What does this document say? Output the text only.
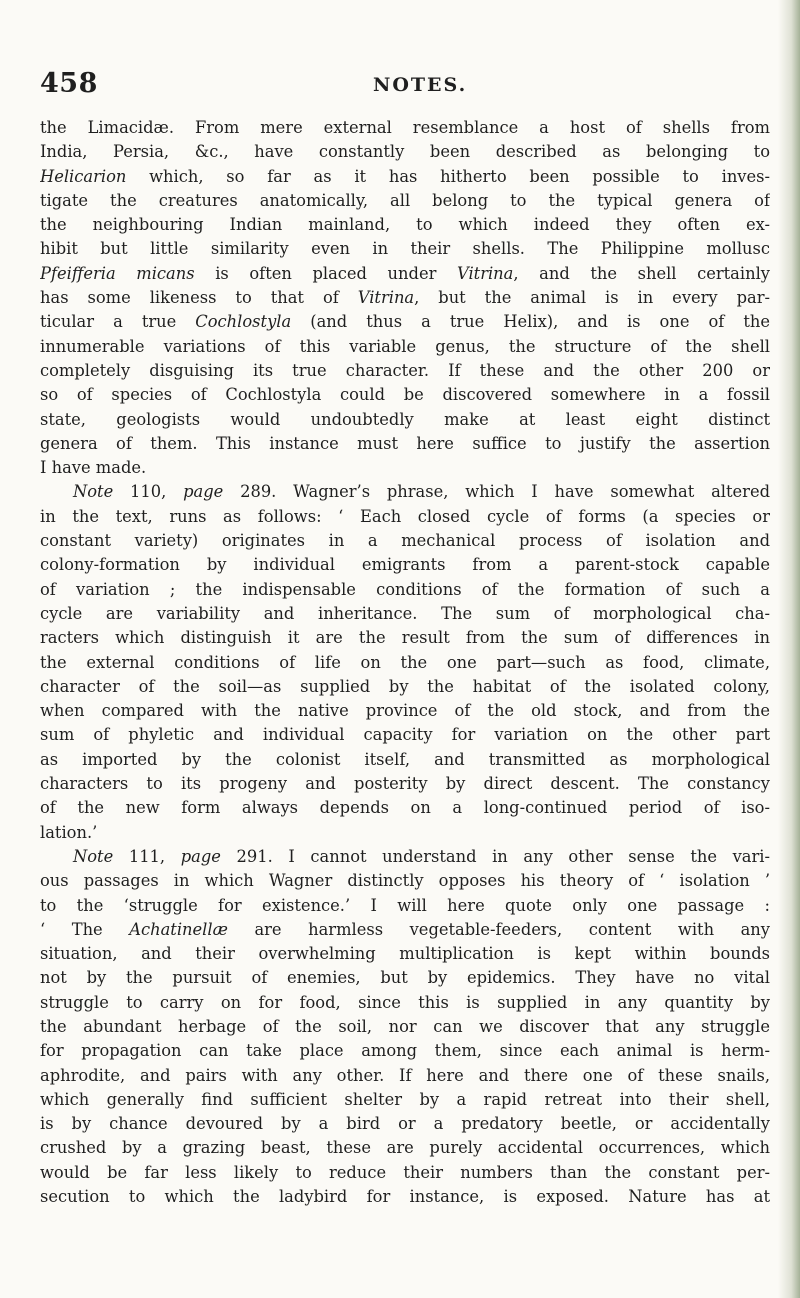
458	NOTES.
the Limacidæ. From mere external resemblance a host of shells from
India, Persia, &c., have constantly been described as belonging to
Helicarion which, so far as it has hitherto been possible to inves-
tigate the creatures anatomically, all belong to the typical genera of
the neighbouring Indian mainland, to which indeed they often ex-
hibit but little similarity even in their shells. The Philippine mollusc
Pfeifferia micans is often placed under Vitrina, and the shell certainly
has some likeness to that of Vitrina, but the animal is in every par-
ticular a true Cochlostyla (and thus a true Helix), and is one of the
innumerable variations of this variable genus, the structure of the shell
completely disguising its true character. If these and the other 200 or
so of species of Cochlostyla could be discovered somewhere in a fossil
state, geologists would undoubtedly make at least eight distinct
genera of them. This instance must here suffice to justify the assertion
I have made.
Note 110, page 289. Wagner’s phrase, which I have somewhat altered
in the text, runs as follows: ‘ Each closed cycle of forms (a species or
constant variety) originates in a mechanical process of isolation and
colony-formation by individual emigrants from a parent-stock capable
of variation ; the indispensable conditions of the formation of such a
cycle are variability and inheritance. The sum of morphological cha-
racters which distinguish it are the result from the sum of differences in
the external conditions of life on the one part—such as food, climate,
character of the soil—as supplied by the habitat of the isolated colony,
when compared with the native province of the old stock, and from the
sum of phyletic and individual capacity for variation on the other part
as imported by the colonist itself, and transmitted as morphological
characters to its progeny and posterity by direct descent. The constancy
of the new form always depends on a long-continued period of iso-
lation.’
Note 111, page 291. I cannot understand in any other sense the vari-
ous passages in which Wagner distinctly opposes his theory of ‘ isolation ’
to the ‘struggle for existence.’ I will here quote only one passage :
‘ The Achatinellæ are harmless vegetable-feeders, content with any
situation, and their overwhelming multiplication is kept within bounds
not by the pursuit of enemies, but by epidemics. They have no vital
struggle to carry on for food, since this is supplied in any quantity by
the abundant herbage of the soil, nor can we discover that any struggle
for propagation can take place among them, since each animal is herm-
aphrodite, and pairs with any other. If here and there one of these snails,
which generally find sufficient shelter by a rapid retreat into their shell,
is by chance devoured by a bird or a predatory beetle, or accidentally
crushed by a grazing beast, these are purely accidental occurrences, which
would be far less likely to reduce their numbers than the constant per-
secution to which the ladybird for instance, is exposed. Nature has at
